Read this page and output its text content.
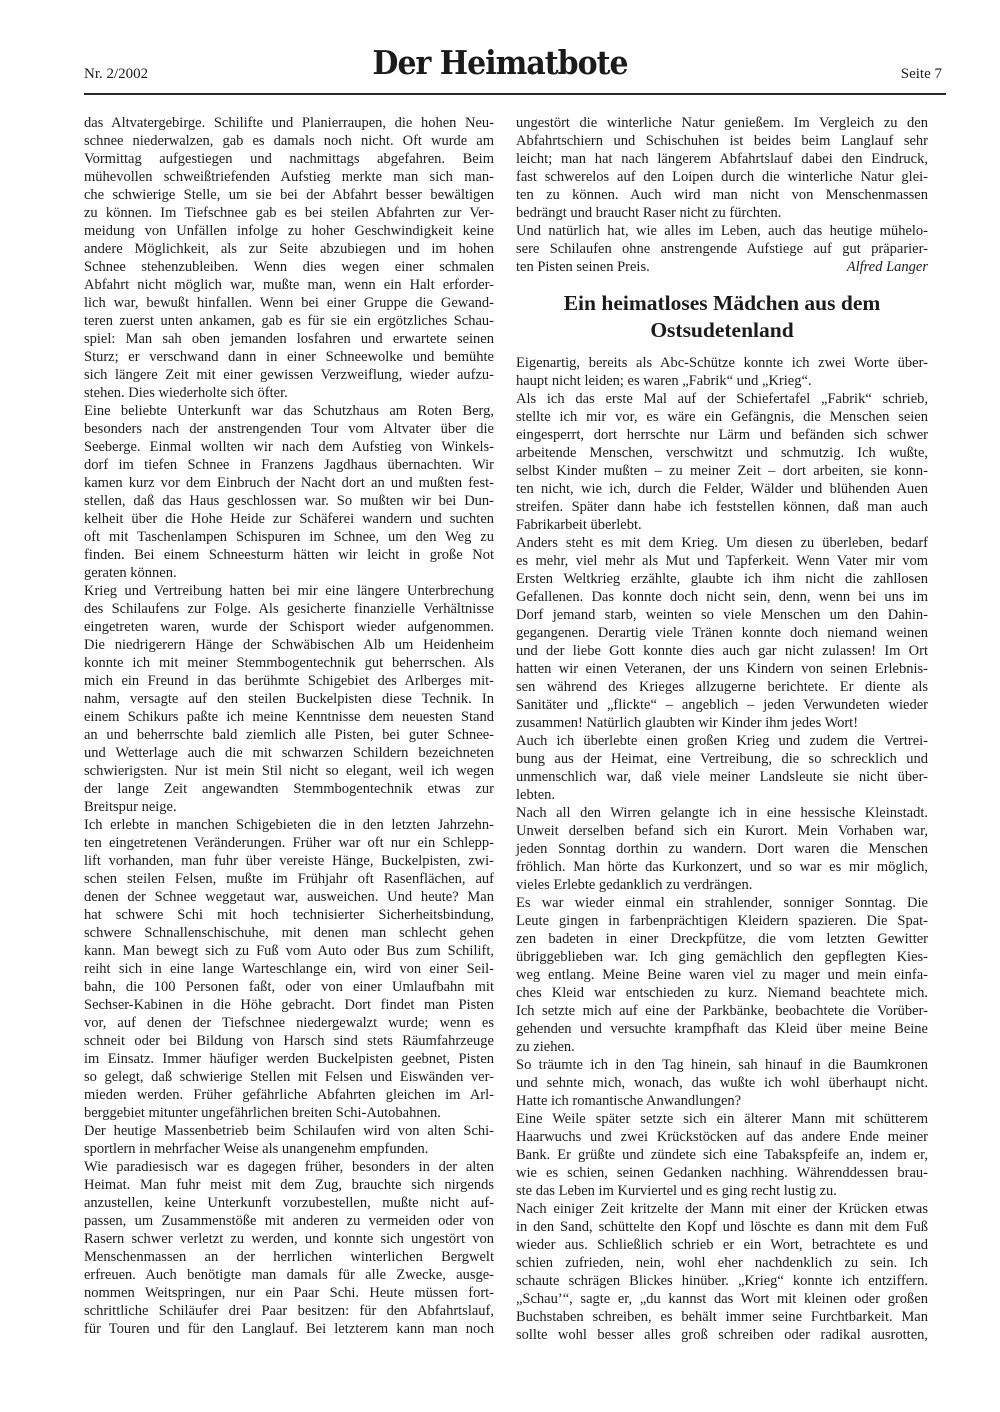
Nr. 2/2002	Der Heimatbote	Seite 7
das Altvatergebirge. Schilifte und Planierraupen, die hohen Neu-
schnee niederwalzen, gab es damals noch nicht. Oft wurde am
Vormittag aufgestiegen und nachmittags abgefahren. Beim
mühevollen schweißtriefenden Aufstieg merkte man sich man-
che schwierige Stelle, um sie bei der Abfahrt besser bewältigen
zu können. Im Tiefschnee gab es bei steilen Abfahrten zur Ver-
meidung von Unfällen infolge zu hoher Geschwindigkeit keine
andere Möglichkeit, als zur Seite abzubiegen und im hohen
Schnee stehenzubleiben. Wenn dies wegen einer schmalen
Abfahrt nicht möglich war, mußte man, wenn ein Halt erforder-
lich war, bewußt hinfallen. Wenn bei einer Gruppe die Gewand-
teren zuerst unten ankamen, gab es für sie ein ergötzliches Schau-
spiel: Man sah oben jemanden losfahren und erwartete seinen
Sturz; er verschwand dann in einer Schneewolke und bemühte
sich längere Zeit mit einer gewissen Verzweiflung, wieder aufzu-
stehen. Dies wiederholte sich öfter.
Eine beliebte Unterkunft war das Schutzhaus am Roten Berg,
besonders nach der anstrengenden Tour vom Altvater über die
Seeberge. Einmal wollten wir nach dem Aufstieg von Winkels-
dorf im tiefen Schnee in Franzens Jagdhaus übernachten. Wir
kamen kurz vor dem Einbruch der Nacht dort an und mußten fest-
stellen, daß das Haus geschlossen war. So mußten wir bei Dun-
kelheit über die Hohe Heide zur Schäferei wandern und suchten
oft mit Taschenlampen Schispuren im Schnee, um den Weg zu
finden. Bei einem Schneesturm hätten wir leicht in große Not
geraten können.
Krieg und Vertreibung hatten bei mir eine längere Unterbrechung
des Schilaufens zur Folge. Als gesicherte finanzielle Verhältnisse
eingetreten waren, wurde der Schisport wieder aufgenommen.
Die niedrigerern Hänge der Schwäbischen Alb um Heidenheim
konnte ich mit meiner Stemmbogentechnik gut beherrschen. Als
mich ein Freund in das berühmte Schigebiet des Arlberges mit-
nahm, versagte auf den steilen Buckelpisten diese Technik. In
einem Schikurs paßte ich meine Kenntnisse dem neuesten Stand
an und beherrschte bald ziemlich alle Pisten, bei guter Schnee-
und Wetterlage auch die mit schwarzen Schildern bezeichneten
schwierigsten. Nur ist mein Stil nicht so elegant, weil ich wegen
der lange Zeit angewandten Stemmbogentechnik etwas zur
Breitspur neige.
Ich erlebte in manchen Schigebieten die in den letzten Jahrzehn-
ten eingetretenen Veränderungen. Früher war oft nur ein Schlepp-
lift vorhanden, man fuhr über vereiste Hänge, Buckelpisten, zwi-
schen steilen Felsen, mußte im Frühjahr oft Rasenflächen, auf
denen der Schnee weggetaut war, ausweichen. Und heute? Man
hat schwere Schi mit hoch technisierter Sicherheitsbindung,
schwere Schnallenschischuhe, mit denen man schlecht gehen
kann. Man bewegt sich zu Fuß vom Auto oder Bus zum Schilift,
reiht sich in eine lange Warteschlange ein, wird von einer Seil-
bahn, die 100 Personen faßt, oder von einer Umlaufbahn mit
Sechser-Kabinen in die Höhe gebracht. Dort findet man Pisten
vor, auf denen der Tiefschnee niedergewalzt wurde; wenn es
schneit oder bei Bildung von Harsch sind stets Räumfahrzeuge
im Einsatz. Immer häufiger werden Buckelpisten geebnet, Pisten
so gelegt, daß schwierige Stellen mit Felsen und Eiswänden ver-
mieden werden. Früher gefährliche Abfahrten gleichen im Arl-
berggebiet mitunter ungefährlichen breiten Schi-Autobahnen.
Der heutige Massenbetrieb beim Schilaufen wird von alten Schi-
sportlern in mehrfacher Weise als unangenehm empfunden.
Wie paradiesisch war es dagegen früher, besonders in der alten
Heimat. Man fuhr meist mit dem Zug, brauchte sich nirgends
anzustellen, keine Unterkunft vorzubestellen, mußte nicht auf-
passen, um Zusammenstöße mit anderen zu vermeiden oder von
Rasern schwer verletzt zu werden, und konnte sich ungestört von
Menschenmassen an der herrlichen winterlichen Bergwelt
erfreuen. Auch benötigte man damals für alle Zwecke, ausge-
nommen Weitspringen, nur ein Paar Schi. Heute müssen fort-
schrittliche Schiläufer drei Paar besitzen: für den Abfahrtslauf,
für Touren und für den Langlauf. Bei letzterem kann man noch
ungestört die winterliche Natur genießem. Im Vergleich zu den
Abfahrtschiern und Schischuhen ist beides beim Langlauf sehr
leicht; man hat nach längerem Abfahrtslauf dabei den Eindruck,
fast schwerelos auf den Loipen durch die winterliche Natur glei-
ten zu können. Auch wird man nicht von Menschenmassen
bedrängt und braucht Raser nicht zu fürchten.
Und natürlich hat, wie alles im Leben, auch das heutige mühelo-
sere Schilaufen ohne anstrengende Aufstiege auf gut präparier-
ten Pisten seinen Preis.	Alfred Langer
Ein heimatloses Mädchen aus dem
Ostsudetenland
Eigenartig, bereits als Abc-Schütze konnte ich zwei Worte über-
haupt nicht leiden; es waren „Fabrik“ und „Krieg“.
Als ich das erste Mal auf der Schiefertafel „Fabrik“ schrieb,
stellte ich mir vor, es wäre ein Gefängnis, die Menschen seien
eingesperrt, dort herrschte nur Lärm und befänden sich schwer
arbeitende Menschen, verschwitzt und schmutzig. Ich wußte,
selbst Kinder mußten – zu meiner Zeit – dort arbeiten, sie konn-
ten nicht, wie ich, durch die Felder, Wälder und blühenden Auen
streifen. Später dann habe ich feststellen können, daß man auch
Fabrikarbeit überlebt.
Anders steht es mit dem Krieg. Um diesen zu überleben, bedarf
es mehr, viel mehr als Mut und Tapferkeit. Wenn Vater mir vom
Ersten Weltkrieg erzählte, glaubte ich ihm nicht die zahllosen
Gefallenen. Das konnte doch nicht sein, denn, wenn bei uns im
Dorf jemand starb, weinten so viele Menschen um den Dahin-
gegangenen. Derartig viele Tränen konnte doch niemand weinen
und der liebe Gott konnte dies auch gar nicht zulassen! Im Ort
hatten wir einen Veteranen, der uns Kindern von seinen Erlebnis-
sen während des Krieges allzugerne berichtete. Er diente als
Sanitäter und „flickte“ – angeblich – jeden Verwundeten wieder
zusammen! Natürlich glaubten wir Kinder ihm jedes Wort!
Auch ich überlebte einen großen Krieg und zudem die Vertrei-
bung aus der Heimat, eine Vertreibung, die so schrecklich und
unmenschlich war, daß viele meiner Landsleute sie nicht über-
lebten.
Nach all den Wirren gelangte ich in eine hessische Kleinstadt.
Unweit derselben befand sich ein Kurort. Mein Vorhaben war,
jeden Sonntag dorthin zu wandern. Dort waren die Menschen
fröhlich. Man hörte das Kurkonzert, und so war es mir möglich,
vieles Erlebte gedanklich zu verdrängen.
Es war wieder einmal ein strahlender, sonniger Sonntag. Die
Leute gingen in farbenprächtigen Kleidern spazieren. Die Spat-
zen badeten in einer Dreckpfütze, die vom letzten Gewitter
übriggeblieben war. Ich ging gemächlich den gepflegten Kies-
weg entlang. Meine Beine waren viel zu mager und mein einfa-
ches Kleid war entschieden zu kurz. Niemand beachtete mich.
Ich setzte mich auf eine der Parkbänke, beobachtete die Vorüber-
gehenden und versuchte krampfhaft das Kleid über meine Beine
zu ziehen.
So träumte ich in den Tag hinein, sah hinauf in die Baumkronen
und sehnte mich, wonach, das wußte ich wohl überhaupt nicht.
Hatte ich romantische Anwandlungen?
Eine Weile später setzte sich ein älterer Mann mit schütterem
Haarwuchs und zwei Krückstöcken auf das andere Ende meiner
Bank. Er grüßte und zündete sich eine Tabakspfeife an, indem er,
wie es schien, seinen Gedanken nachhing. Währenddessen brau-
ste das Leben im Kurviertel und es ging recht lustig zu.
Nach einiger Zeit kritzelte der Mann mit einer der Krücken etwas
in den Sand, schüttelte den Kopf und löschte es dann mit dem Fuß
wieder aus. Schließlich schrieb er ein Wort, betrachtete es und
schien zufrieden, nein, wohl eher nachdenklich zu sein. Ich
schaute schrägen Blickes hinüber. „Krieg“ konnte ich entziffern.
„Schau’“, sagte er, „du kannst das Wort mit kleinen oder großen
Buchstaben schreiben, es behält immer seine Furchtbarkeit. Man
sollte wohl besser alles groß schreiben oder radikal ausrotten,
